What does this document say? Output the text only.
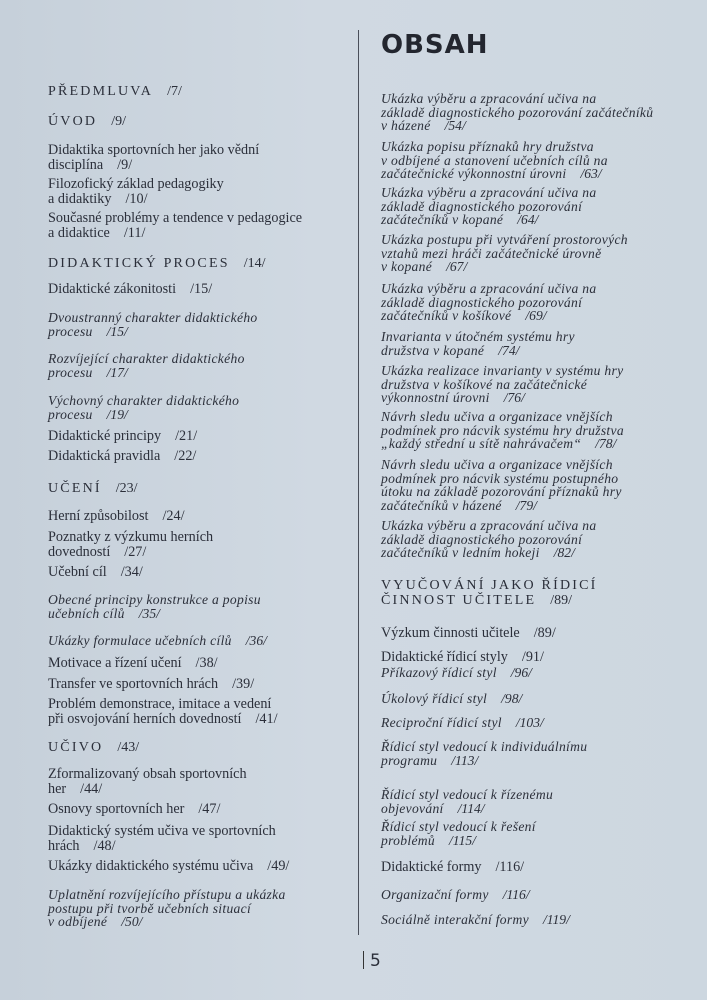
OBSAH
PŘEDMLUVA /7/
ÚVOD /9/
Didaktika sportovních her jako vědní
disciplína /9/
Filozofický základ pedagogiky
a didaktiky /10/
Současné problémy a tendence v pedagogice
a didaktice /11/
DIDAKTICKÝ PROCES /14/
Didaktické zákonitosti /15/
Dvoustranný charakter didaktického
procesu /15/
Rozvíjející charakter didaktického
procesu /17/
Výchovný charakter didaktického
procesu /19/
Didaktické principy /21/
Didaktická pravidla /22/
UČENÍ /23/
Herní způsobilost /24/
Poznatky z výzkumu herních
dovedností /27/
Učební cíl /34/
Obecné principy konstrukce a popisu
učebních cílů /35/
Ukázky formulace učebních cílů /36/
Motivace a řízení učení /38/
Transfer ve sportovních hrách /39/
Problém demonstrace, imitace a vedení
při osvojování herních dovedností /41/
UČIVO /43/
Zformalizovaný obsah sportovních
her /44/
Osnovy sportovních her /47/
Didaktický systém učiva ve sportovních
hrách /48/
Ukázky didaktického systému učiva /49/
Uplatnění rozvíjejícího přístupu a ukázka
postupu při tvorbě učebních situací
v odbíjené /50/
Ukázka výběru a zpracování učiva na
základě diagnostického pozorování začátečníků
v házené /54/
Ukázka popisu příznaků hry družstva
v odbíjené a stanovení učebních cílů na
začátečnické výkonnostní úrovni /63/
Ukázka výběru a zpracování učiva na
základě diagnostického pozorování
začátečníků v kopané /64/
Ukázka postupu při vytváření prostorových
vztahů mezi hráči začátečnické úrovně
v kopané /67/
Ukázka výběru a zpracování učiva na
základě diagnostického pozorování
začátečníků v košíkové /69/
Invarianta v útočném systému hry
družstva v kopané /74/
Ukázka realizace invarianty v systému hry
družstva v košíkové na začátečnické
výkonnostní úrovni /76/
Návrh sledu učiva a organizace vnějších
podmínek pro nácvik systému hry družstva
„každý střední u sítě nahrávačem“ /78/
Návrh sledu učiva a organizace vnějších
podmínek pro nácvik systému postupného
útoku na základě pozorování příznaků hry
začátečníků v házené /79/
Ukázka výběru a zpracování učiva na
základě diagnostického pozorování
začátečníků v ledním hokeji /82/
VYUČOVÁNÍ JAKO ŘÍDICÍ
ČINNOST UČITELE /89/
Výzkum činnosti učitele /89/
Didaktické řídicí styly /91/
Příkazový řídicí styl /96/
Úkolový řídicí styl /98/
Reciproční řídicí styl /103/
Řídicí styl vedoucí k individuálnímu
programu /113/
Řídicí styl vedoucí k řízenému
objevování /114/
Řídicí styl vedoucí k řešení
problémů /115/
Didaktické formy /116/
Organizační formy /116/
Sociálně interakční formy /119/
5
